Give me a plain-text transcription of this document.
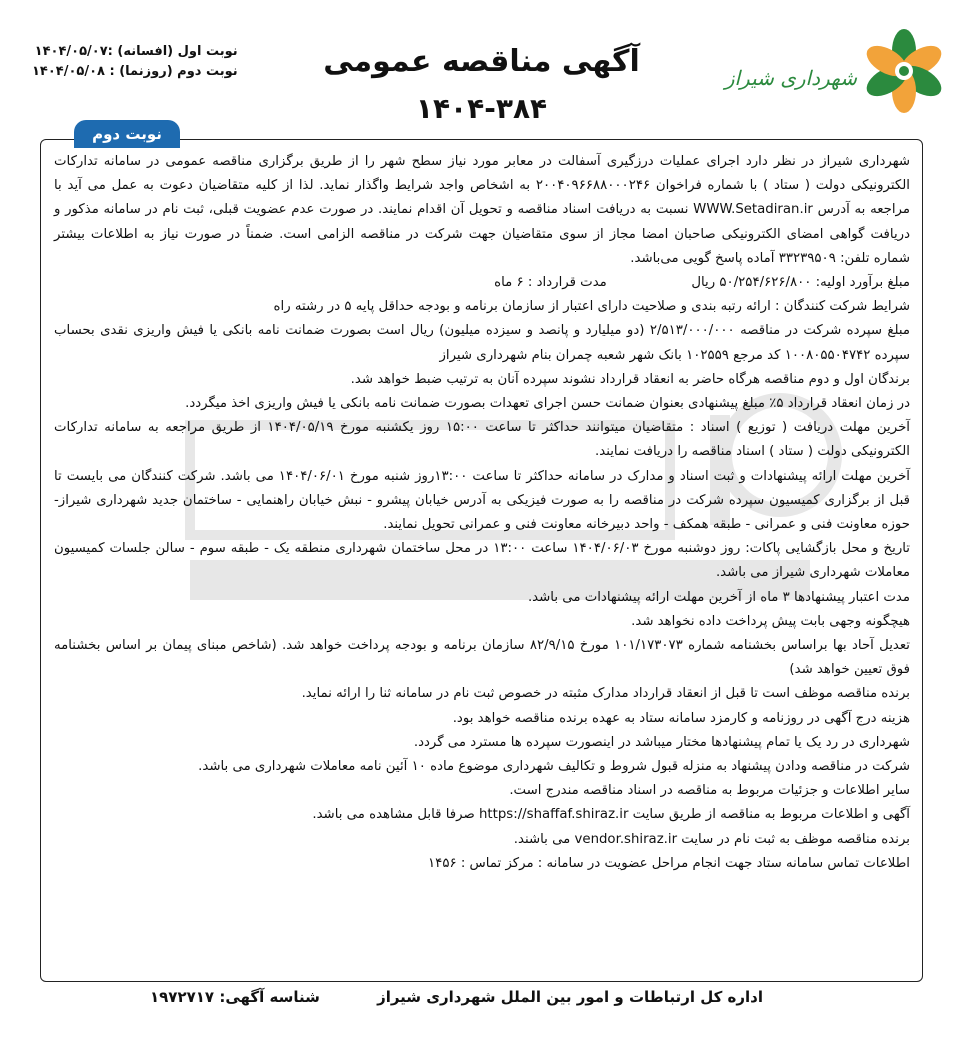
شهرداری شیراز
آگهی مناقصه عمومی
۱۴۰۴-۳۸۴
نوبت اول (افسانه) :۱۴۰۴/۰۵/۰۷
نوبت دوم (روزنما) : ۱۴۰۴/۰۵/۰۸
نوبت دوم

شهرداری شیراز در نظر دارد اجرای عملیات درزگیری آسفالت در معابر مورد نیاز سطح شهر را از طریق برگزاری مناقصه عمومی در سامانه تدارکات الکترونیکی دولت ( ستاد ) با شماره فراخوان ۲۰۰۴۰۹۶۶۸۸۰۰۰۲۴۶ به اشخاص واجد شرایط واگذار نماید. لذا از کلیه متقاضیان دعوت به عمل می آید با مراجعه به آدرس WWW.Setadiran.ir نسبت به دریافت اسناد مناقصه و تحویل آن اقدام نمایند. در صورت عدم عضویت قبلی، ثبت نام در سامانه مذکور و دریافت گواهی امضای الکترونیکی صاحبان امضا مجاز از سوی متقاضیان جهت شرکت در مناقصه الزامی است. ضمناً در صورت نیاز به اطلاعات بیشتر شماره تلفن: ۳۳۲۳۹۵۰۹ آماده پاسخ گویی می‌باشد.

مبلغ برآورد اولیه: ۵۰/۲۵۴/۶۲۶/۸۰۰ ریال                    مدت قرارداد : ۶ ماه

شرایط شرکت کنندگان : ارائه رتبه بندی و صلاحیت دارای اعتبار از سازمان برنامه و بودجه حداقل پایه ۵ در رشته راه

مبلغ سپرده شرکت در مناقصه ۲/۵۱۳/۰۰۰/۰۰۰ (دو میلیارد و پانصد و سیزده میلیون) ریال است بصورت ضمانت نامه بانکی یا فیش واریزی نقدی بحساب سپرده ۱۰۰۸۰۵۵۰۴۷۴۲ کد مرجع ۱۰۲۵۵۹ بانک شهر شعبه چمران بنام شهرداری شیراز

برندگان اول و دوم مناقصه هرگاه حاضر به انعقاد قرارداد نشوند سپرده آنان به ترتیب ضبط خواهد شد.

در زمان انعقاد قرارداد ۵٪ مبلغ پیشنهادی بعنوان ضمانت حسن اجرای تعهدات بصورت ضمانت نامه بانکی یا فیش واریزی اخذ میگردد.

آخرین مهلت دریافت ( توزیع ) اسناد : متقاضیان میتوانند حداکثر تا ساعت ۱۵:۰۰ روز یکشنبه مورخ ۱۴۰۴/۰۵/۱۹ از طریق مراجعه به سامانه تدارکات الکترونیکی دولت ( ستاد ) اسناد مناقصه را دریافت نمایند.

آخرین مهلت ارائه پیشنهادات و ثبت اسناد و مدارک در سامانه حداکثر تا ساعت ۱۳:۰۰روز شنبه مورخ ۱۴۰۴/۰۶/۰۱ می باشد. شرکت کنندگان می بایست تا قبل از برگزاری کمیسیون سپرده شرکت در مناقصه را به صورت فیزیکی به آدرس خیابان پیشرو - نبش خیابان راهنمایی - ساختمان جدید شهرداری شیراز- حوزه معاونت فنی و عمرانی - طبقه همکف - واحد دبیرخانه معاونت فنی و عمرانی تحویل نمایند.

تاریخ و محل بازگشایی پاکات: روز دوشنبه مورخ ۱۴۰۴/۰۶/۰۳ ساعت ۱۳:۰۰ در محل ساختمان شهرداری منطقه یک - طبقه سوم - سالن جلسات کمیسیون معاملات شهرداری شیراز می باشد.

مدت اعتبار پیشنهادها ۳ ماه از آخرین مهلت ارائه پیشنهادات می باشد.

هیچگونه وجهی بابت پیش پرداخت داده نخواهد شد.

تعدیل آحاد بها براساس بخشنامه شماره ۱۰۱/۱۷۳۰۷۳ مورخ ۸۲/۹/۱۵ سازمان برنامه و بودجه پرداخت خواهد شد. (شاخص مبنای پیمان بر اساس بخشنامه فوق تعیین خواهد شد)

برنده مناقصه موظف است تا قبل از انعقاد قرارداد مدارک مثبته در خصوص ثبت نام در سامانه ثنا را ارائه نماید.

هزینه درج آگهی در روزنامه و کارمزد سامانه ستاد به عهده برنده مناقصه خواهد بود.

شهرداری در رد یک یا تمام پیشنهادها مختار میباشد در اینصورت سپرده ها مسترد می گردد.

شرکت در مناقصه ودادن پیشنهاد به منزله قبول شروط و تکالیف شهرداری موضوع ماده ۱۰ آئین نامه معاملات شهرداری می باشد.

سایر اطلاعات و جزئیات مربوط به مناقصه در اسناد مناقصه مندرج است.

آگهی و اطلاعات مربوط به مناقصه از طریق سایت https://shaffaf.shiraz.ir صرفا قابل مشاهده می باشد.

برنده مناقصه موظف به ثبت نام در سایت vendor.shiraz.ir می باشند.

اطلاعات تماس سامانه ستاد جهت انجام مراحل عضویت در سامانه : مرکز تماس : ۱۴۵۶

اداره کل ارتباطات و امور بین الملل شهرداری شیراز
شناسه آگهی: ۱۹۷۲۷۱۷
